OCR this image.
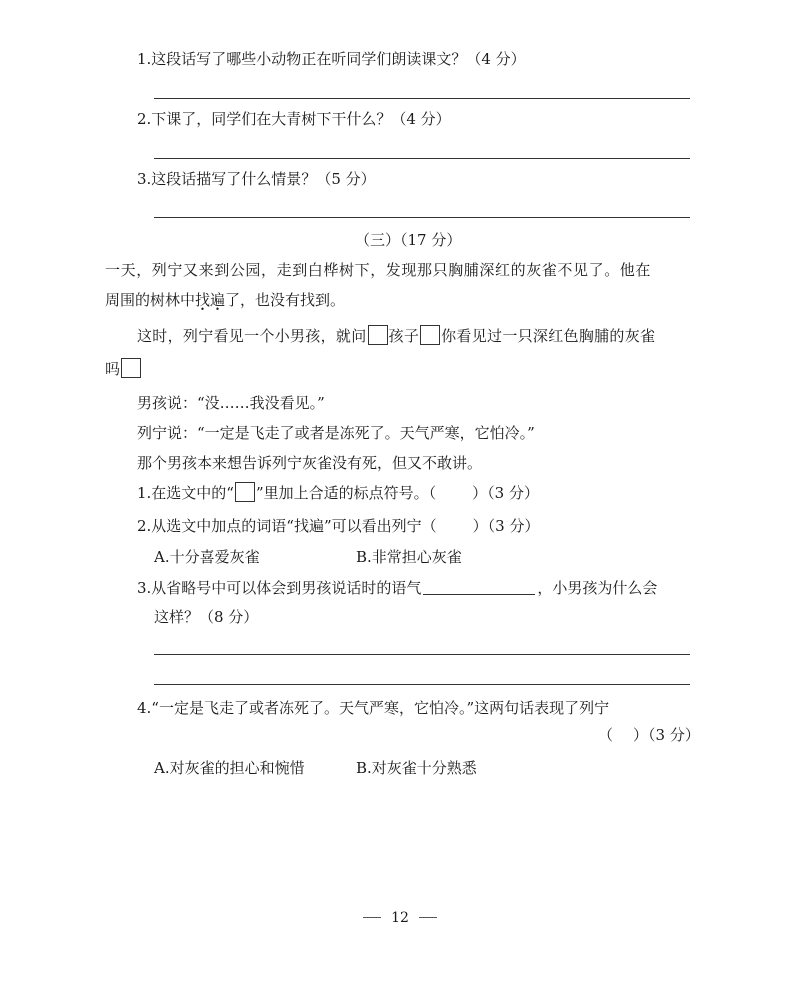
1.这段话写了哪些小动物正在听同学们朗读课文？（4 分）
2.下课了，同学们在大青树下干什么？（4 分）
3.这段话描写了什么情景？（5 分）
（三）（17 分）
一天，列宁又来到公园，走到白桦树下，发现那只胸脯深红的灰雀不见了。他在
周围的树林中找遍了，也没有找到。
这时，列宁看见一个小男孩，就问 孩子 你看见过一只深红色胸脯的灰雀
吗
男孩说：“没……我没看见。”
列宁说：“一定是飞走了或者是冻死了。天气严寒，它怕冷。”
那个男孩本来想告诉列宁灰雀没有死，但又不敢讲。
1.在选文中的“ ”里加上合适的标点符号。（ ）（3 分）
2.从选文中加点的词语“找遍”可以看出列宁（ ）（3 分）
A.十分喜爱灰雀	B.非常担心灰雀
3.从省略号中可以体会到男孩说话时的语气	，小男孩为什么会
这样？（8 分）
4.“一定是飞走了或者冻死了。天气严寒，它怕冷。”这两句话表现了列宁
（ ）（3 分）
A.对灰雀的担心和惋惜	B.对灰雀十分熟悉
12
